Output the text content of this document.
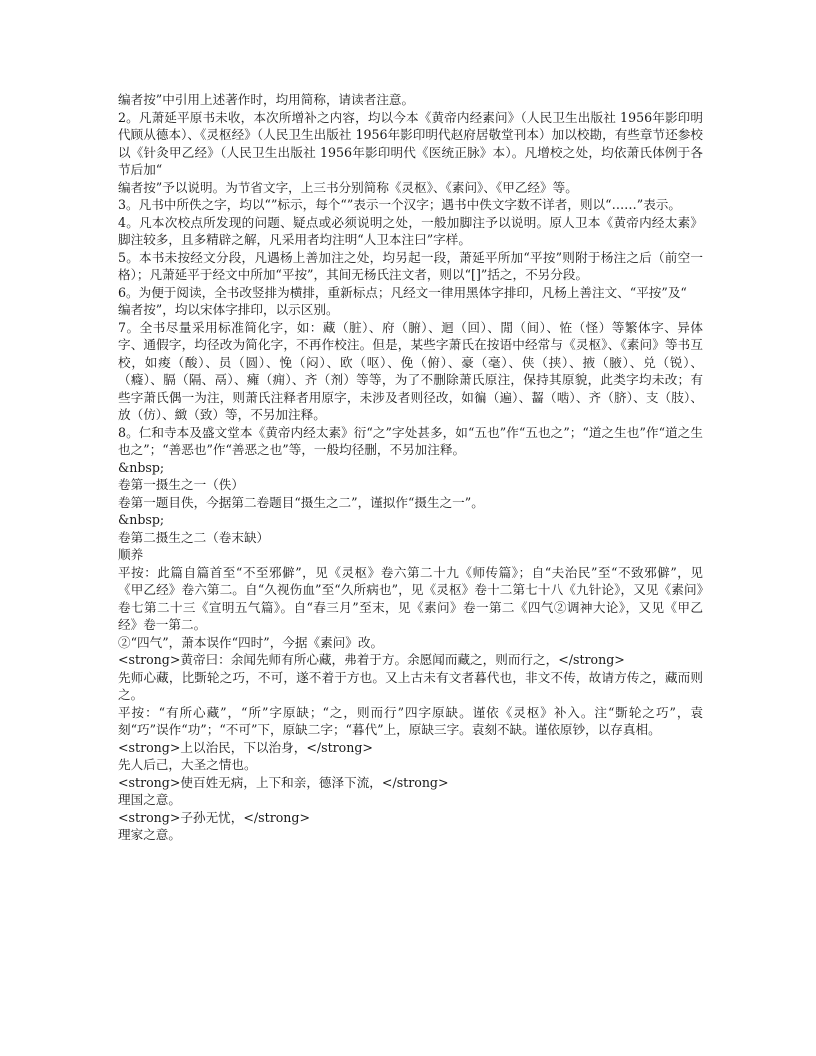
编者按”中引用上述著作时，均用简称，请读者注意。

2。凡萧延平原书未收，本次所增补之内容，均以今本《黄帝内经素问》（人民卫生出版社 1956年影印明代顾从德本）、《灵枢经》（人民卫生出版社 1956年影印明代赵府居敬堂刊本）加以校勘，有些章节还参校以《针灸甲乙经》（人民卫生出版社 1956年影印明代《医统正脉》本）。凡增校之处，均依萧氏体例于各节后加“

编者按”予以说明。为节省文字，上三书分别简称《灵枢》、《素问》、《甲乙经》等。

3。凡书中所佚之字，均以“”标示，每个“”表示一个汉字；遇书中佚文字数不详者，则以“……”表示。

4。凡本次校点所发现的问题、疑点或必须说明之处，一般加脚注予以说明。原人卫本《黄帝内经太素》脚注较多，且多精辟之解，凡采用者均注明“人卫本注曰”字样。

5。本书未按经文分段，凡遇杨上善加注之处，均另起一段，萧延平所加“平按”则附于杨注之后（前空一格）；凡萧延平于经文中所加“平按”，其间无杨氏注文者，则以“[]”括之，不另分段。

6。为便于阅读，全书改竖排为横排，重新标点；凡经文一律用黑体字排印，凡杨上善注文、“平按”及“

编者按”，均以宋体字排印，以示区别。

7。全书尽量采用标准简化字，如：藏（脏）、府（腑）、迴（回）、閒（间）、恠（怪）等繁体字、异体字、通假字，均径改为简化字，不再作校注。但是，某些字萧氏在按语中经常与《灵枢》、《素问》等书互校，如痠（酸）、员（圆）、悗（闷）、欧（呕）、俛（俯）、豪（毫）、侠（挟）、掖（腋）、兑（锐）、（癃）、膈（隔、鬲）、癕（痈）、齐（剂）等等，为了不删除萧氏原注，保持其原貌，此类字均未改；有些字萧氏偶一为注，则萧氏注释者用原字，未涉及者则径改，如徧（遍）、齧（啮）、齐（脐）、支（肢）、放（仿）、緻（致）等，不另加注释。

8。仁和寺本及盛文堂本《黄帝内经太素》衍“之”字处甚多，如“五也”作“五也之”；“道之生也”作“道之生也之”；“善恶也”作“善恶之也”等，一般均径删，不另加注释。

&nbsp;

卷第一摄生之一（佚）

卷第一题目佚，今据第二卷题目“摄生之二”，谨拟作“摄生之一”。

&nbsp;

卷第二摄生之二（卷末缺）

顺养

平按：此篇自篇首至“不至邪僻”，见《灵枢》卷六第二十九《师传篇》；自“夫治民”至“不致邪僻”，见《甲乙经》卷六第二。自“久视伤血”至“久所病也”，见《灵枢》卷十二第七十八《九针论》，又见《素问》卷七第二十三《宣明五气篇》。自“春三月”至末，见《素问》卷一第二《四气②调神大论》，又见《甲乙经》卷一第二。

②“四气”，萧本误作“四时”，今据《素问》改。

<strong>黄帝曰：余闻先师有所心藏，弗着于方。余愿闻而藏之，则而行之，</strong>

先师心藏，比斲轮之巧，不可，遂不着于方也。又上古未有文者暮代也，非文不传，故请方传之，藏而则之。

平按：“有所心藏”，“所”字原缺；“之，则而行”四字原缺。谨依《灵枢》补入。注“斲轮之巧”，袁刻“巧”误作“功”；“不可”下，原缺二字；“暮代”上，原缺三字。袁刻不缺。谨依原钞，以存真相。

<strong>上以治民，下以治身，</strong>

先人后己，大圣之情也。

<strong>使百姓无病，上下和亲，德泽下流，</strong>

理国之意。

<strong>子孙无忧，</strong>

理家之意。
